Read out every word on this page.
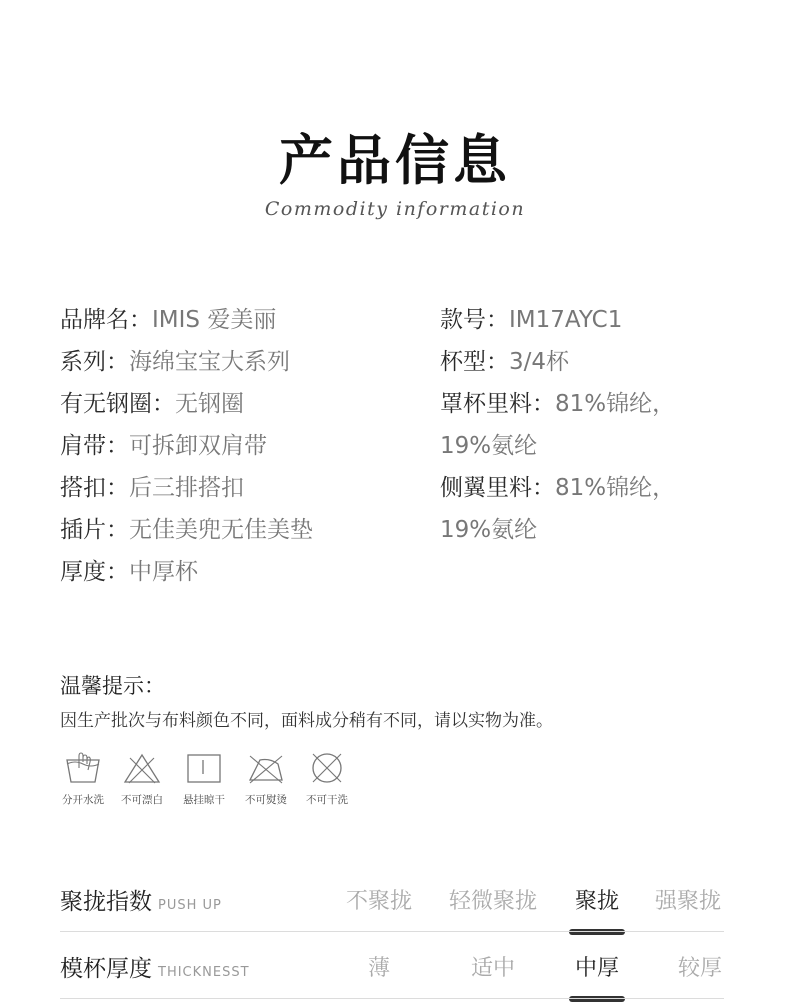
产品信息
Commodity information
品牌名：IMIS 爱美丽
系列：海绵宝宝大系列
有无钢圈：无钢圈
肩带：可拆卸双肩带
搭扣：后三排搭扣
插片：无佳美兜无佳美垫
厚度：中厚杯
款号：IM17AYC1
杯型：3/4杯
罩杯里料：81%锦纶，
19%氨纶
侧翼里料：81%锦纶，
19%氨纶
温馨提示：
因生产批次与布料颜色不同，面料成分稍有不同，请以实物为准。
分开水洗	不可漂白	悬挂晾干	不可熨烫	不可干洗
聚拢指数 PUSH UP	不聚拢 轻微聚拢 聚拢 强聚拢
模杯厚度 THICKNESST	薄	适中	中厚	较厚
